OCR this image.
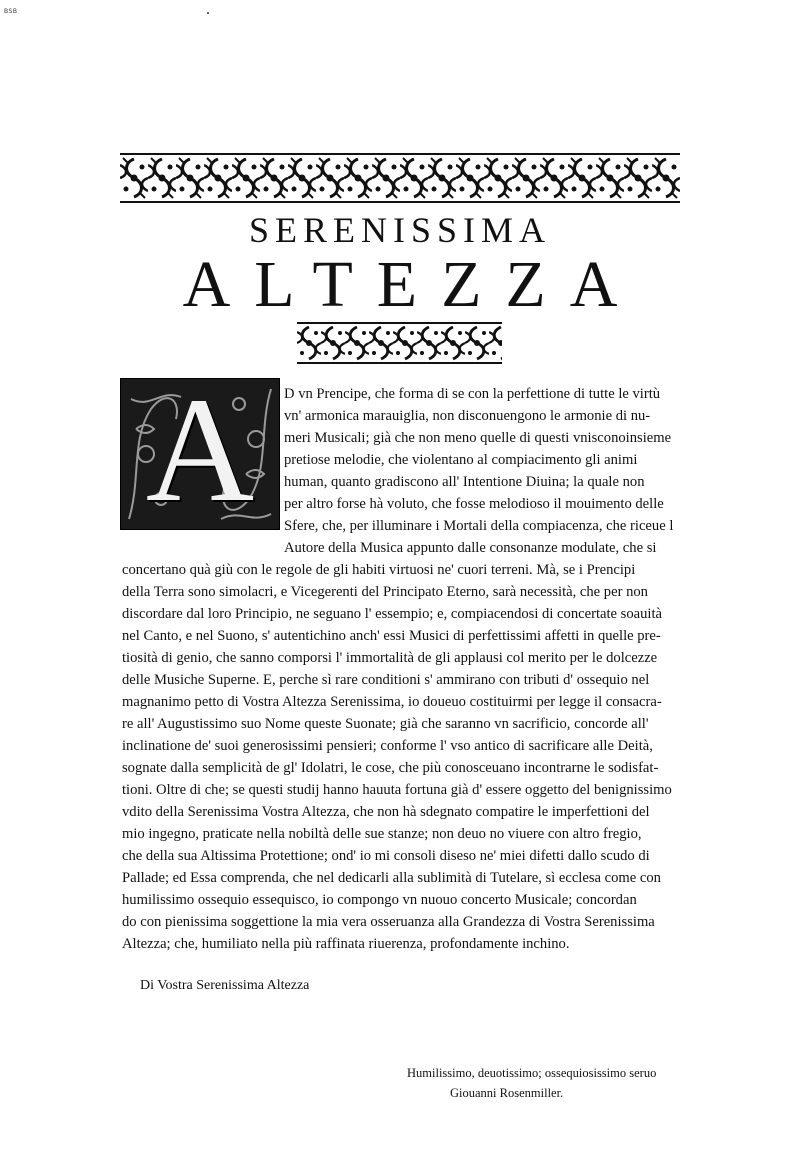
BSB
SERENISSIMA
ALTEZZA
A	D vn Prencipe, che forma di se con la perfettione di tutte le virtù
vn' armonica marauiglia, non disconuengono le armonie di nu-
meri Musicali; già che non meno quelle di questi vnisconoinsieme
pretiose melodie, che violentano al compiacimento gli animi
human, quanto gradiscono all' Intentione Diuina; la quale non
per altro forse hà voluto, che fosse melodioso il mouimento delle
Sfere, che, per illuminare i Mortali della compiacenza, che riceue l
Autore della Musica appunto dalle consonanze modulate, che si
concertano quà giù con le regole de gli habiti virtuosi ne' cuori terreni. Mà, se i Prencipi
della Terra sono simolacri, e Vicegerenti del Principato Eterno, sarà necessità, che per non
discordare dal loro Principio, ne seguano l' essempio; e, compiacendosi di concertate soauità
nel Canto, e nel Suono, s' autentichino anch' essi Musici di perfettissimi affetti in quelle pre-
tiosità di genio, che sanno comporsi l' immortalità de gli applausi col merito per le dolcezze
delle Musiche Superne. E, perche sì rare conditioni s' ammirano con tributi d' ossequio nel
magnanimo petto di Vostra Altezza Serenissima, io doueuo costituirmi per legge il consacra-
re all' Augustissimo suo Nome queste Suonate; già che saranno vn sacrificio, concorde all'
inclinatione de' suoi generosissimi pensieri; conforme l' vso antico di sacrificare alle Deità,
sognate dalla semplicità de gl' Idolatri, le cose, che più conosceuano incontrarne le sodisfat-
tioni. Oltre di che; se questi studij hanno hauuta fortuna già d' essere oggetto del benignissimo
vdito della Serenissima Vostra Altezza, che non hà sdegnato compatire le imperfettioni del
mio ingegno, praticate nella nobiltà delle sue stanze; non deuo no viuere con altro fregio,
che della sua Altissima Protettione; ond' io mi consoli diseso ne' miei difetti dallo scudo di
Pallade; ed Essa comprenda, che nel dedicarli alla sublimità di Tutelare, sì ecclesa come con
humilissimo ossequio essequisco, io compongo vn nuouo concerto Musicale; concordan
do con pienissima soggettione la mia vera osseruanza alla Grandezza di Vostra Serenissima
Altezza; che, humiliato nella più raffinata riuerenza, profondamente inchino.
Di Vostra Serenissima Altezza
Humilissimo, deuotissimo; ossequiosissimo seruo
Giouanni Rosenmiller.
